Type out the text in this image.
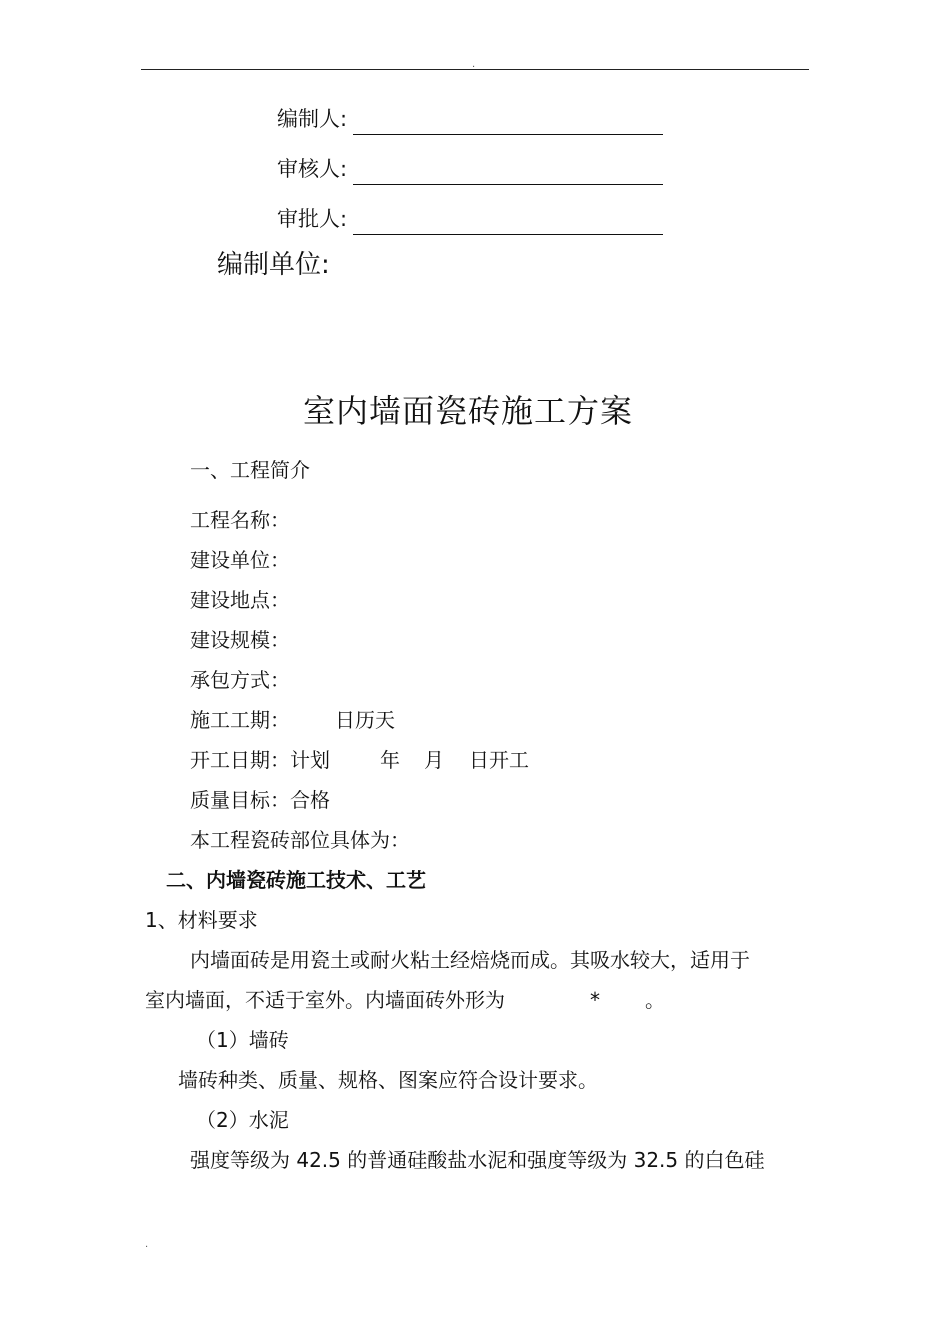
.
编制人:
审核人:
审批人:
编制单位:
室内墙面瓷砖施工方案
一、工程简介
工程名称：
建设单位：
建设地点：
建设规模：
承包方式：
施工工期： 日历天
开工日期：计划	年 月 日开工
质量目标：合格
本工程瓷砖部位具体为：
二、内墙瓷砖施工技术、工艺
1、材料要求
内墙面砖是用瓷土或耐火粘土经焙烧而成。其吸水较大，适用于
室内墙面，不适于室外。内墙面砖外形为	* 。
（1）墙砖
墙砖种类、质量、规格、图案应符合设计要求。
（2）水泥
强度等级为 42.5 的普通硅酸盐水泥和强度等级为 32.5 的白色硅
.
